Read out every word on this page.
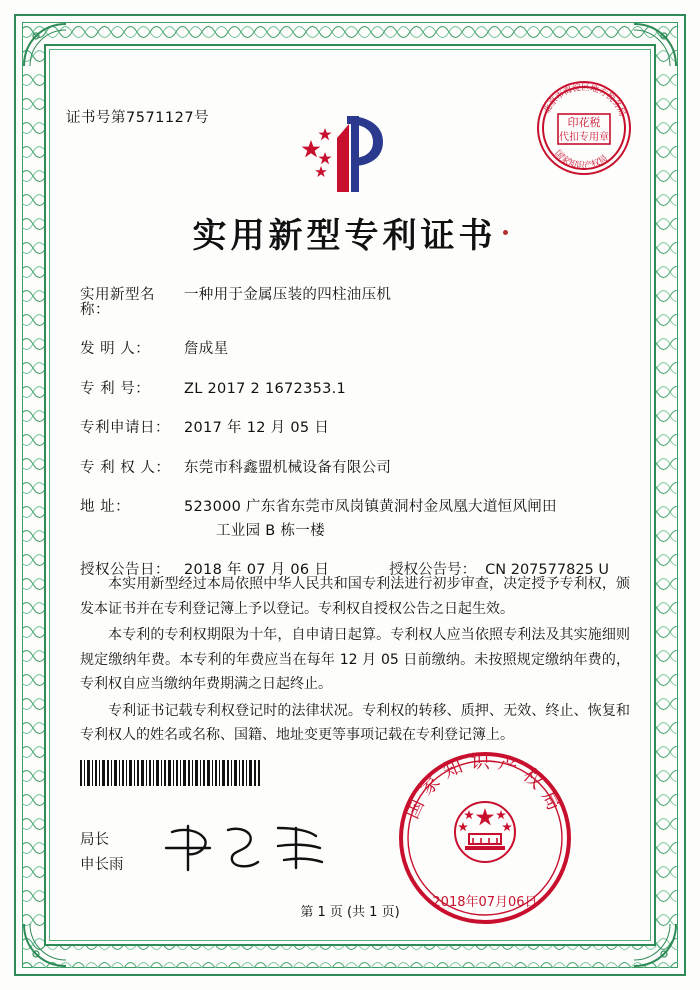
证书号第7571127号	印花税
代扣专用章
北京市海淀区地方税务局
国家知识产权局
实用新型专利证书
实用新型名称：
一种用于金属压装的四柱油压机
发 明 人：	詹成星
专 利 号：	ZL 2017 2 1672353.1
专利申请日： 2017 年 12 月 05 日
专 利 权 人： 东莞市科鑫盟机械设备有限公司
地 址：	523000 广东省东莞市凤岗镇黄洞村金凤凰大道恒风闸田
工业园 B 栋一楼
授权公告日： 2018 年 07 月 06 日	授权公告号： CN 207577825 U

本实用新型经过本局依照中华人民共和国专利法进行初步审查，决定授予专利权，颁发本证书并在专利登记簿上予以登记。专利权自授权公告之日起生效。

本专利的专利权期限为十年，自申请日起算。专利权人应当依照专利法及其实施细则规定缴纳年费。本专利的年费应当在每年 12 月 05 日前缴纳。未按照规定缴纳年费的，专利权自应当缴纳年费期满之日起终止。

专利证书记载专利权登记时的法律状况。专利权的转移、质押、无效、终止、恢复和专利权人的姓名或名称、国籍、地址变更等事项记载在专利登记簿上。

国家知识产权局
2018年07月06日
局长
申长雨
第 1 页 (共 1 页)
